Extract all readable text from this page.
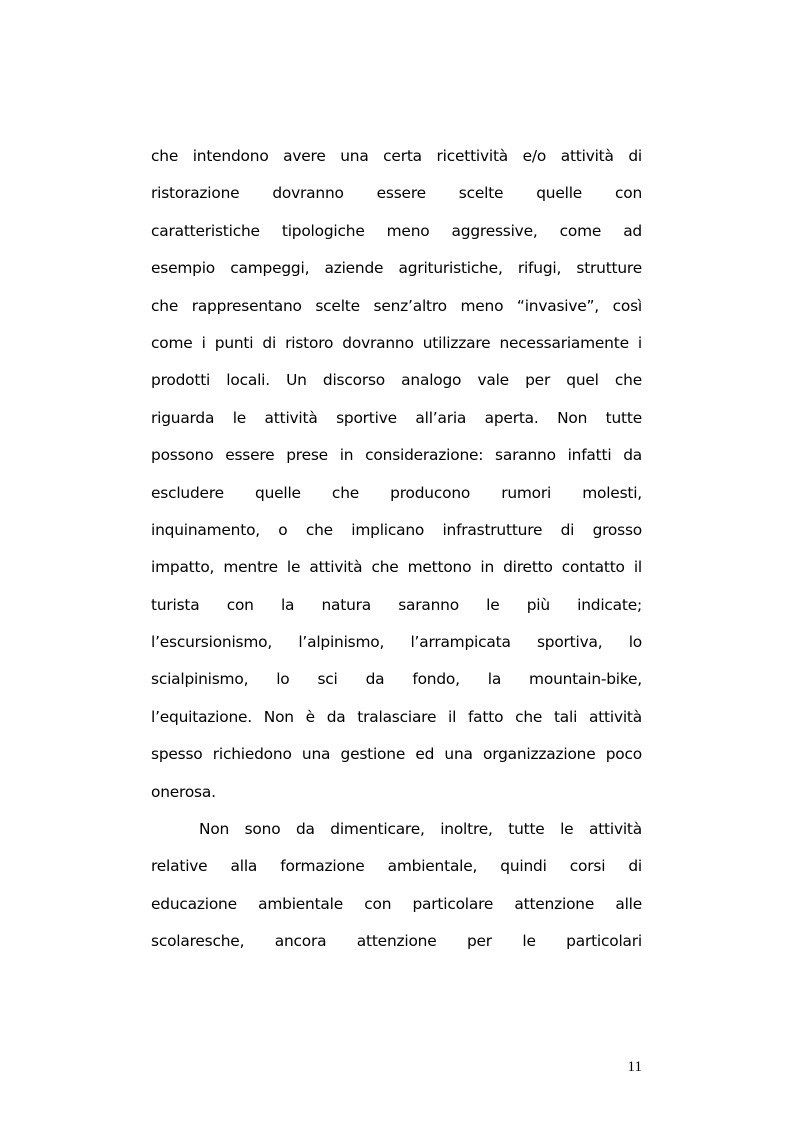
che intendono avere una certa ricettività e/o attività di
ristorazione dovranno essere scelte quelle con
caratteristiche tipologiche meno aggressive, come ad
esempio campeggi, aziende agrituristiche, rifugi, strutture
che rappresentano scelte senz’altro meno “invasive”, così
come i punti di ristoro dovranno utilizzare necessariamente i
prodotti locali. Un discorso analogo vale per quel che
riguarda le attività sportive all’aria aperta. Non tutte
possono essere prese in considerazione: saranno infatti da
escludere quelle che producono rumori molesti,
inquinamento, o che implicano infrastrutture di grosso
impatto, mentre le attività che mettono in diretto contatto il
turista con la natura saranno le più indicate;
l’escursionismo, l’alpinismo, l’arrampicata sportiva, lo
scialpinismo, lo sci da fondo, la mountain-bike,
l’equitazione. Non è da tralasciare il fatto che tali attività
spesso richiedono una gestione ed una organizzazione poco
onerosa.
Non sono da dimenticare, inoltre, tutte le attività
relative alla formazione ambientale, quindi corsi di
educazione ambientale con particolare attenzione alle
scolaresche, ancora attenzione per le particolari
11
